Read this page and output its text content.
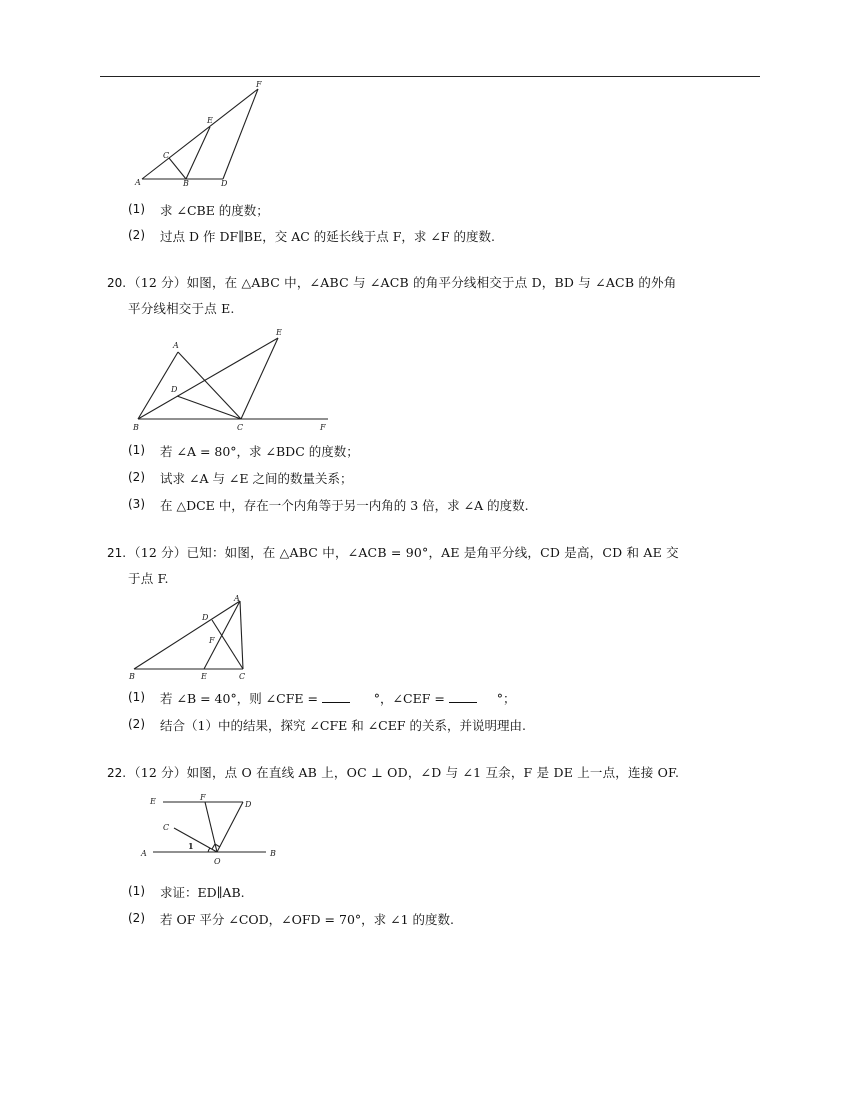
F
E
C
A	B	D
(1) 求 ∠CBE 的度数；
(2) 过点 D 作 DF∥BE，交 AC 的延长线于点 F，求 ∠F 的度数.
20. （12 分）如图，在 △ABC 中，∠ABC 与 ∠ACB 的角平分线相交于点 D，BD 与 ∠ACB 的外角
平分线相交于点 E.
A
E
D
B	C	F
(1) 若 ∠A = 80°，求 ∠BDC 的度数；
(2) 试求 ∠A 与 ∠E 之间的数量关系；
(3) 在 △DCE 中，存在一个内角等于另一内角的 3 倍，求 ∠A 的度数.
21. （12 分）已知：如图，在 △ABC 中，∠ACB = 90°，AE 是角平分线，CD 是高，CD 和 AE 交
于点 F.
A
D
F
B	E	C
(1) 若 ∠B = 40°，则 ∠CFE =	°，∠CEF =	°；
(2) 结合（1）中的结果，探究 ∠CFE 和 ∠CEF 的关系，并说明理由.
22. （12 分）如图，点 O 在直线 AB 上，OC ⊥ OD，∠D 与 ∠1 互余，F 是 DE 上一点，连接 OF.
E	F
D
C
A
1
O
B
(1) 求证：ED∥AB.
(2) 若 OF 平分 ∠COD，∠OFD = 70°，求 ∠1 的度数.
